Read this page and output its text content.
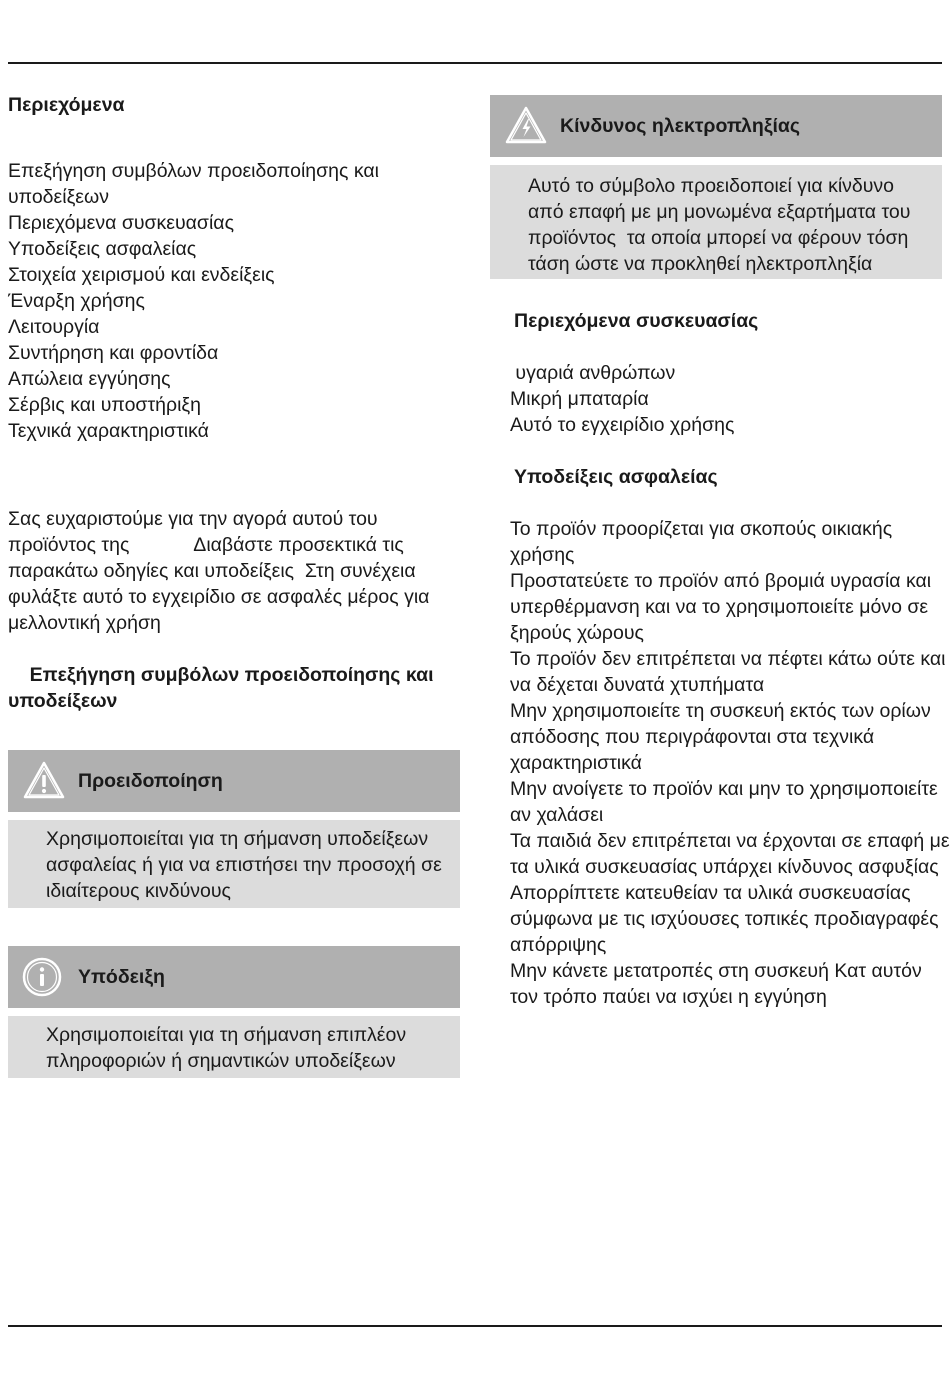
Περιεχόμενα
Επεξήγηση συμβόλων προειδοποίησης και
υποδείξεων
Περιεχόμενα συσκευασίας
Υποδείξεις ασφαλείας
Στοιχεία χειρισμού και ενδείξεις
Έναρξη χρήσης
Λειτουργία
Συντήρηση και φροντίδα
Απώλεια εγγύησης
Σέρβις και υποστήριξη
Τεχνικά χαρακτηριστικά
Σας ευχαριστούμε για την αγορά αυτού του
προϊόντος της            Διαβάστε προσεκτικά τις
παρακάτω οδηγίες και υποδείξεις  Στη συνέχεια
φυλάξτε αυτό το εγχειρίδιο σε ασφαλές μέρος για
μελλοντική χρήση
Επεξήγηση συμβόλων προειδοποίησης και
υποδείξεων
Προειδοποίηση
Χρησιμοποιείται για τη σήμανση υποδείξεων
ασφαλείας ή για να επιστήσει την προσοχή σε
ιδιαίτερους κινδύνους
Υπόδειξη
Χρησιμοποιείται για τη σήμανση επιπλέον
πληροφοριών ή σημαντικών υποδείξεων
Κίνδυνος ηλεκτροπληξίας
Αυτό το σύμβολο προειδοποιεί για κίνδυνο
από επαφή με μη μονωμένα εξαρτήματα του
προϊόντος  τα οποία μπορεί να φέρουν τόση
τάση ώστε να προκληθεί ηλεκτροπληξία
Περιεχόμενα συσκευασίας
υγαριά ανθρώπων
Μικρή μπαταρία
Αυτό το εγχειρίδιο χρήσης
Υποδείξεις ασφαλείας
Το προϊόν προορίζεται για σκοπούς οικιακής χρήσης
Προστατεύετε το προϊόν από βρομιά υγρασία και υπερθέρμανση και να το χρησιμοποιείτε μόνο σε ξηρούς χώρους
Το προϊόν δεν επιτρέπεται να πέφτει κάτω ούτε και να δέχεται δυνατά χτυπήματα
Μην χρησιμοποιείτε τη συσκευή εκτός των ορίων απόδοσης που περιγράφονται στα τεχνικά χαρακτηριστικά
Μην ανοίγετε το προϊόν και μην το χρησιμοποιείτε αν χαλάσει
Τα παιδιά δεν επιτρέπεται να έρχονται σε επαφή με τα υλικά συσκευασίας υπάρχει κίνδυνος ασφυξίας
Απορρίπτετε κατευθείαν τα υλικά συσκευασίας σύμφωνα με τις ισχύουσες τοπικές προδιαγραφές απόρριψης
Μην κάνετε μετατροπές στη συσκευή Κατ αυτόν τον τρόπο παύει να ισχύει η εγγύηση
